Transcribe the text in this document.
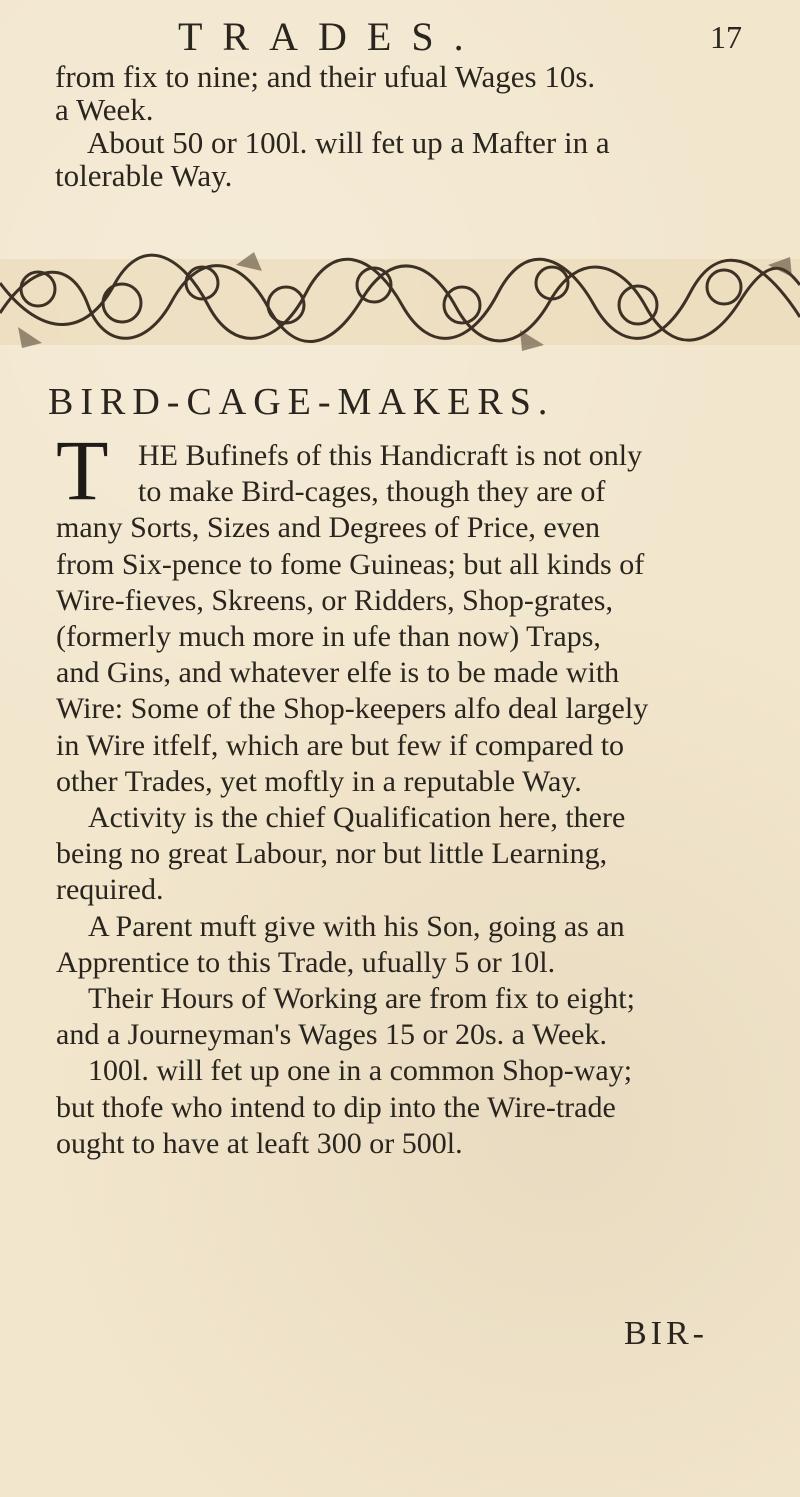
TRADES.	17
from fix to nine; and their ufual Wages 10s.
a Week.
About 50 or 100l. will fet up a Mafter in a
tolerable Way.
BIRD-CAGE-MAKERS.
T HE Bufinefs of this Handicraft is not only
to make Bird-cages, though they are of
many Sorts, Sizes and Degrees of Price, even
from Six-pence to fome Guineas; but all kinds of
Wire-fieves, Skreens, or Ridders, Shop-grates,
(formerly much more in ufe than now) Traps,
and Gins, and whatever elfe is to be made with
Wire: Some of the Shop-keepers alfo deal largely
in Wire itfelf, which are but few if compared to
other Trades, yet moftly in a reputable Way.
Activity is the chief Qualification here, there
being no great Labour, nor but little Learning,
required.
A Parent muft give with his Son, going as an
Apprentice to this Trade, ufually 5 or 10l.
Their Hours of Working are from fix to eight;
and a Journeyman's Wages 15 or 20s. a Week.
100l. will fet up one in a common Shop-way;
but thofe who intend to dip into the Wire-trade
ought to have at leaft 300 or 500l.
BIR-
